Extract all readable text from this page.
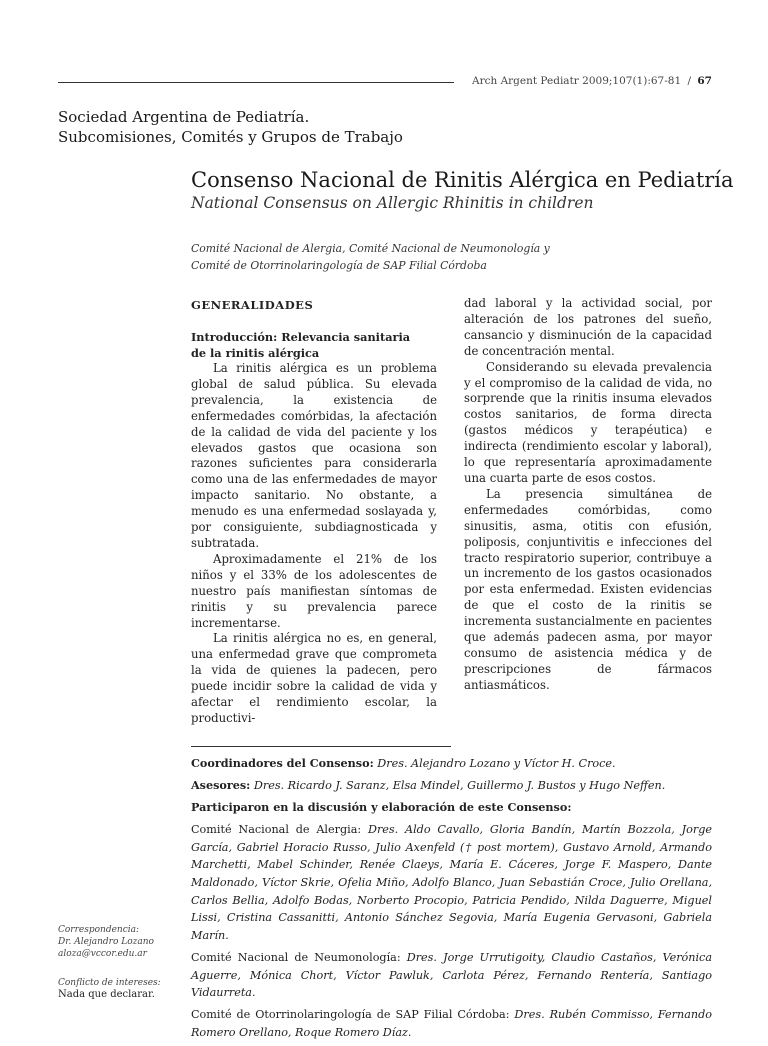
Arch Argent Pediatr 2009;107(1):67-81 / 67
Sociedad Argentina de Pediatría.
Subcomisiones, Comités y Grupos de Trabajo
Consenso Nacional de Rinitis Alérgica en Pediatría
National Consensus on Allergic Rhinitis in children
Comité Nacional de Alergia, Comité Nacional de Neumonología y
Comité de Otorrinolaringología de SAP Filial Córdoba
GENERALIDADES
Introducción: Relevancia sanitaria
de la rinitis alérgica

La rinitis alérgica es un problema global de salud pública. Su elevada prevalencia, la existencia de enfermedades comórbidas, la afectación de la calidad de vida del paciente y los elevados gastos que ocasiona son razones suficientes para considerarla como una de las enfermedades de mayor impacto sanitario. No obstante, a menudo es una enfermedad soslayada y, por consiguiente, subdiagnosticada y subtratada.

Aproximadamente el 21% de los niños y el 33% de los adolescentes de nuestro país manifiestan síntomas de rinitis y su prevalencia parece incrementarse.

La rinitis alérgica no es, en general, una enfermedad grave que comprometa la vida de quienes la padecen, pero puede incidir sobre la calidad de vida y afectar el rendimiento escolar, la productivi-

dad laboral y la actividad social, por alteración de los patrones del sueño, cansancio y disminución de la capacidad de concentración mental.

Considerando su elevada prevalencia y el compromiso de la calidad de vida, no sorprende que la rinitis insuma elevados costos sanitarios, de forma directa (gastos médicos y terapéutica) e indirecta (rendimiento escolar y laboral), lo que representaría aproximadamente una cuarta parte de esos costos.

La presencia simultánea de enfermedades comórbidas, como sinusitis, asma, otitis con efusión, poliposis, conjuntivitis e infecciones del tracto respiratorio superior, contribuye a un incremento de los gastos ocasionados por esta enfermedad. Existen evidencias de que el costo de la rinitis se incrementa sustancialmente en pacientes que además padecen asma, por mayor consumo de asistencia médica y de prescripciones de fármacos antiasmáticos.

Coordinadores del Consenso: Dres. Alejandro Lozano y Víctor H. Croce.

Asesores: Dres. Ricardo J. Saranz, Elsa Mindel, Guillermo J. Bustos y Hugo Neffen.

Participaron en la discusión y elaboración de este Consenso:

Comité Nacional de Alergia: Dres. Aldo Cavallo, Gloria Bandín, Martín Bozzola, Jorge García, Gabriel Horacio Russo, Julio Axenfeld († post mortem), Gustavo Arnold, Armando Marchetti, Mabel Schinder, Renée Claeys, María E. Cáceres, Jorge F. Maspero, Dante Maldonado, Víctor Skrie, Ofelia Miño, Adolfo Blanco, Juan Sebastián Croce, Julio Orellana, Carlos Bellia, Adolfo Bodas, Norberto Procopio, Patricia Pendido, Nilda Daguerre, Miguel Lissi, Cristina Cassanitti, Antonio Sánchez Segovia, María Eugenia Gervasoni, Gabriela Marín.

Comité Nacional de Neumonología: Dres. Jorge Urrutigoity, Claudio Castaños, Verónica Aguerre, Mónica Chort, Víctor Pawluk, Carlota Pérez, Fernando Rentería, Santiago Vidaurreta.

Comité de Otorrinolaringología de SAP Filial Córdoba: Dres. Rubén Commisso, Fernando Romero Orellano, Roque Romero Díaz.

Correspondencia:
Dr. Alejandro Lozano
aloza@vccor.edu.ar
Conflicto de intereses:
Nada que declarar.
